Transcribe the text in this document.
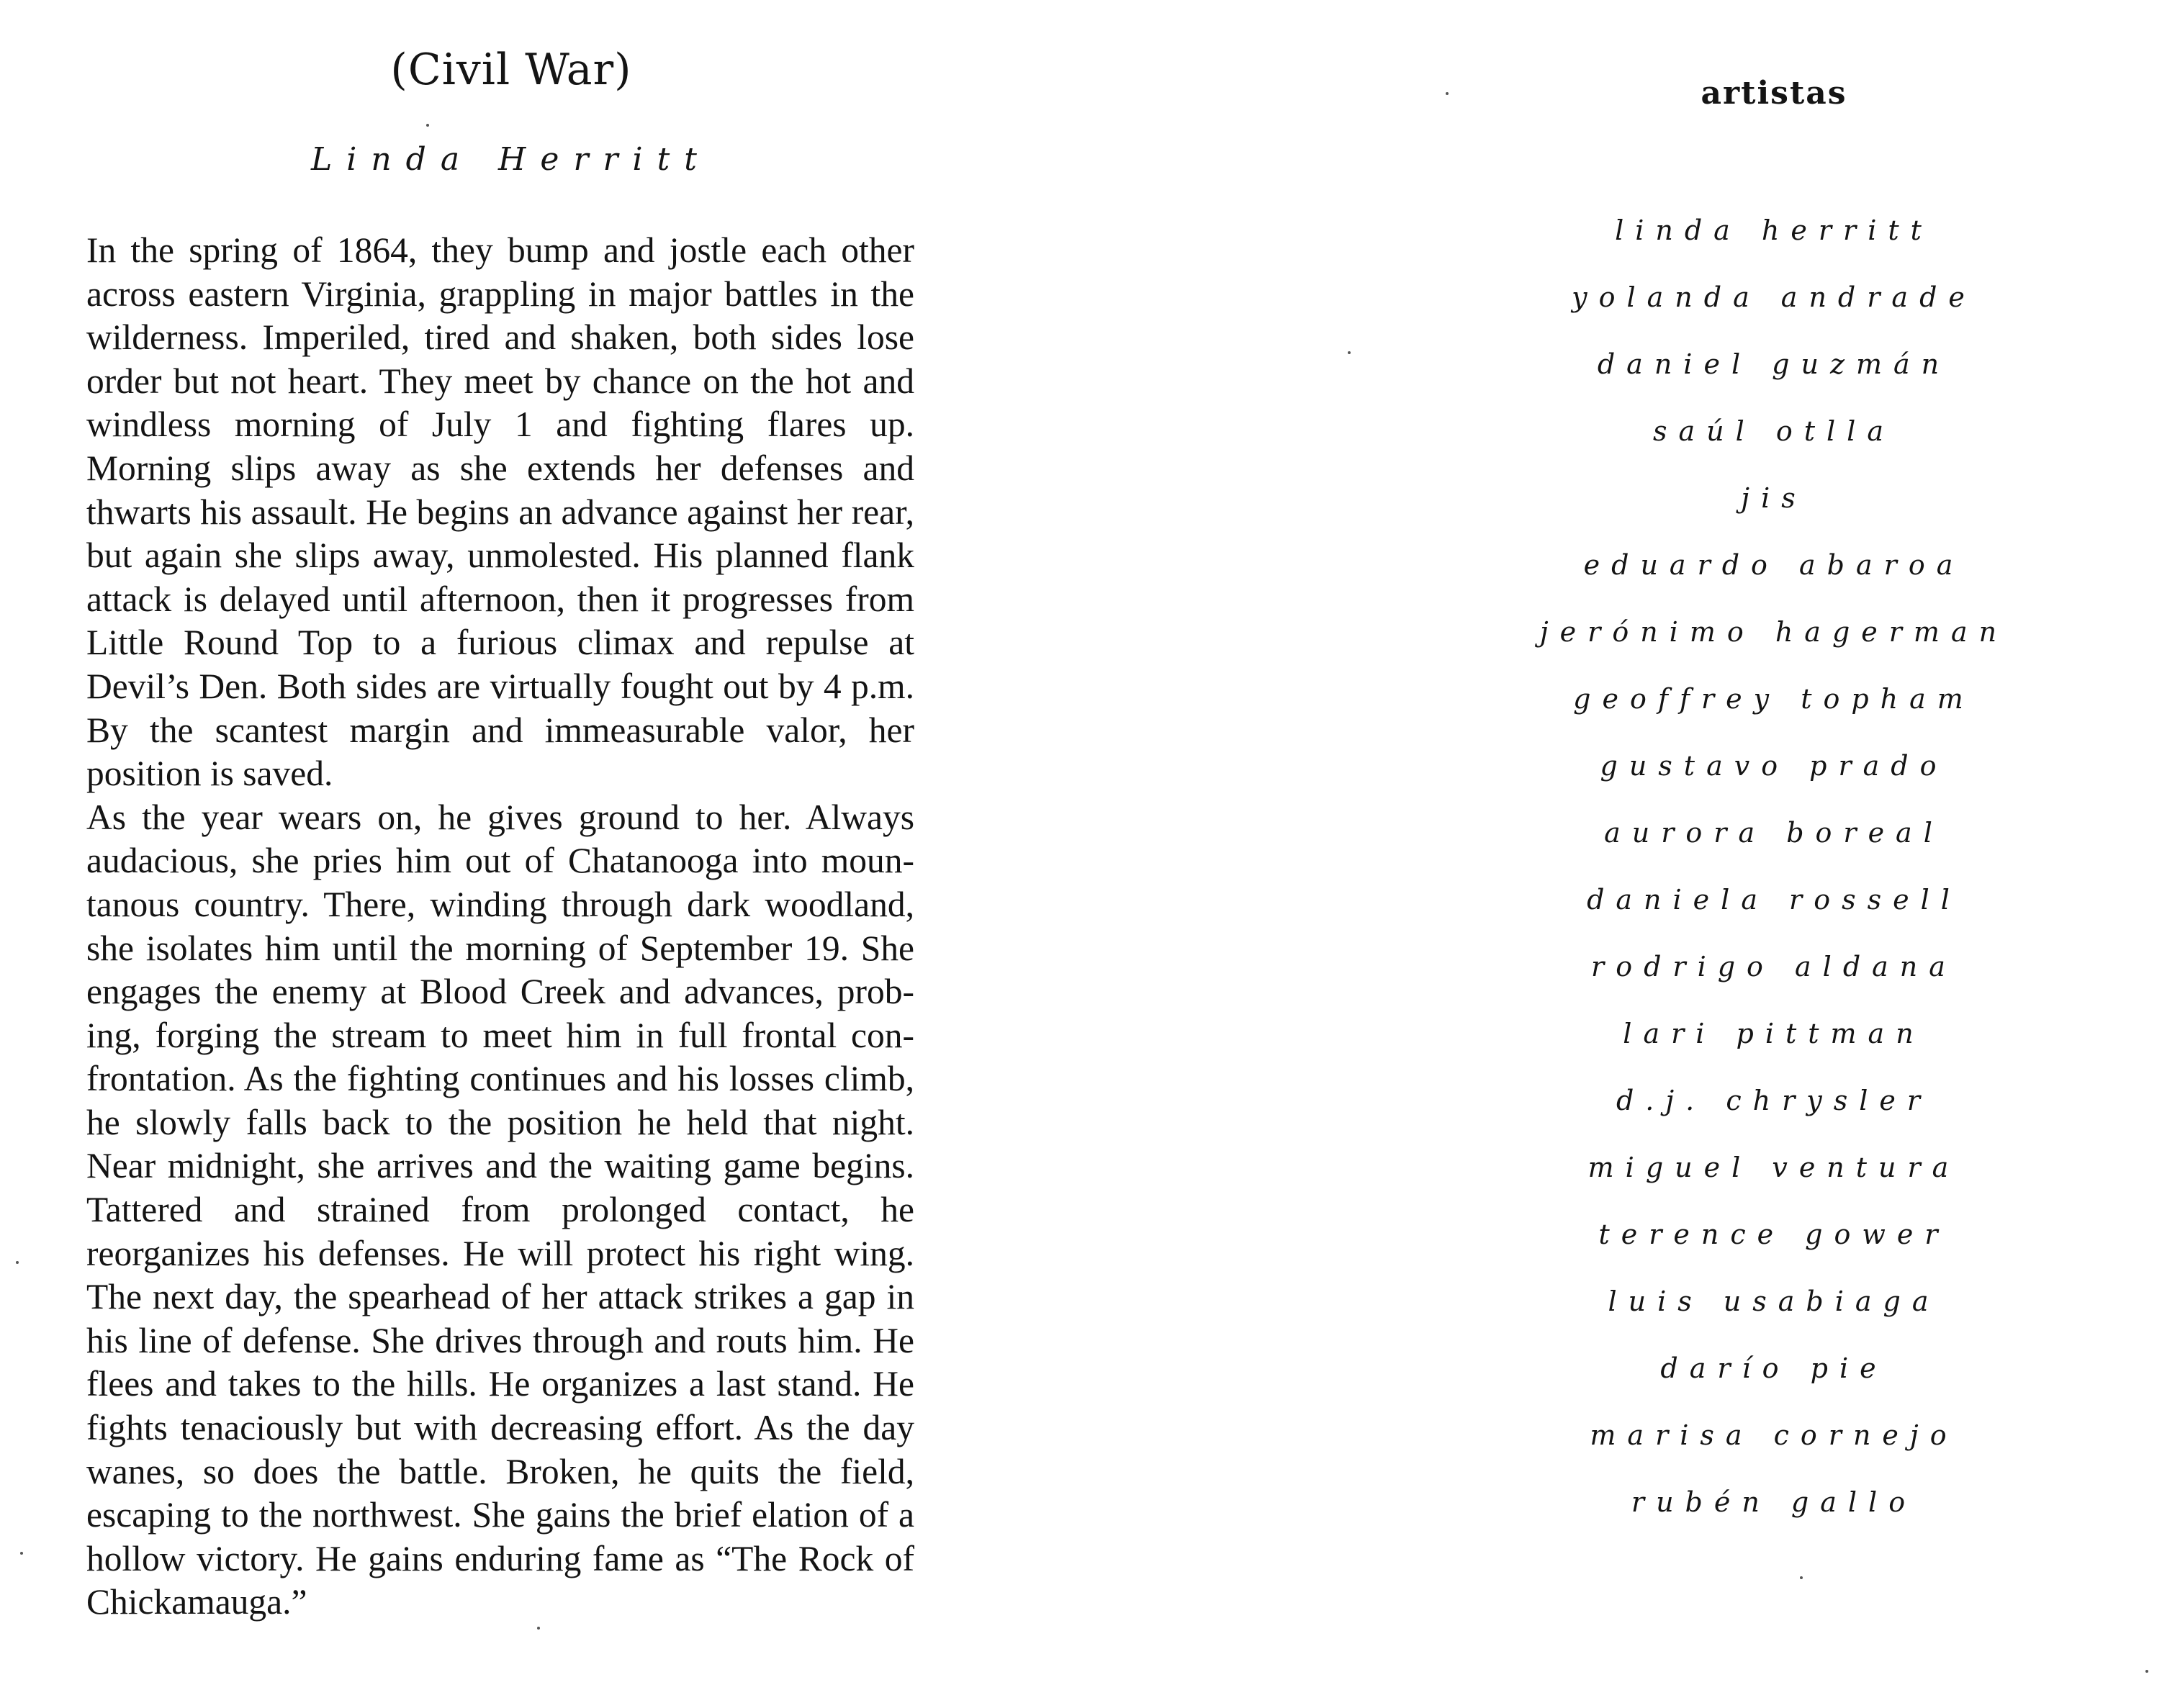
(Civil War)
Linda Herritt

In the spring of 1864, they bump and jostle each other across eastern Virginia, grappling in major battles in the wilderness. Imperiled, tired and shaken, both sides lose order but not heart. They meet by chance on the hot and windless morning of July 1 and fighting flares up. Morning slips away as she extends her defenses and thwarts his assault. He begins an advance against her rear, but again she slips away, unmolested. His planned flank attack is delayed until afternoon, then it progresses from Little Round Top to a furious climax and repulse at Devil’s Den. Both sides are virtually fought out by 4 p.m. By the scantest margin and immeasurable valor, her position is saved.

As the year wears on, he gives ground to her. Always audacious, she pries him out of Chatanooga into mountanous country. There, winding through dark woodland, she isolates him until the morning of September 19. She engages the enemy at Blood Creek and advances, probing, forging the stream to meet him in full frontal confrontation. As the fighting continues and his losses climb, he slowly falls back to the position he held that night. Near midnight, she arrives and the waiting game begins. Tattered and strained from prolonged contact, he reorganizes his defenses. He will protect his right wing. The next day, the spearhead of her attack strikes a gap in his line of defense. She drives through and routs him. He flees and takes to the hills. He organizes a last stand. He fights tenaciously but with decreasing effort. As the day wanes, so does the battle. Broken, he quits the field, escaping to the northwest. She gains the brief elation of a hollow victory. He gains enduring fame as “The Rock of Chickamauga.”

artistas
linda herritt
yolanda andrade
daniel guzmán
saúl otlla
jis
eduardo abaroa
jerónimo hagerman
geoffrey topham
gustavo prado
aurora boreal
daniela rossell
rodrigo aldana
lari pittman
d.j. chrysler
miguel ventura
terence gower
luis usabiaga
darío pie
marisa cornejo
rubén gallo
